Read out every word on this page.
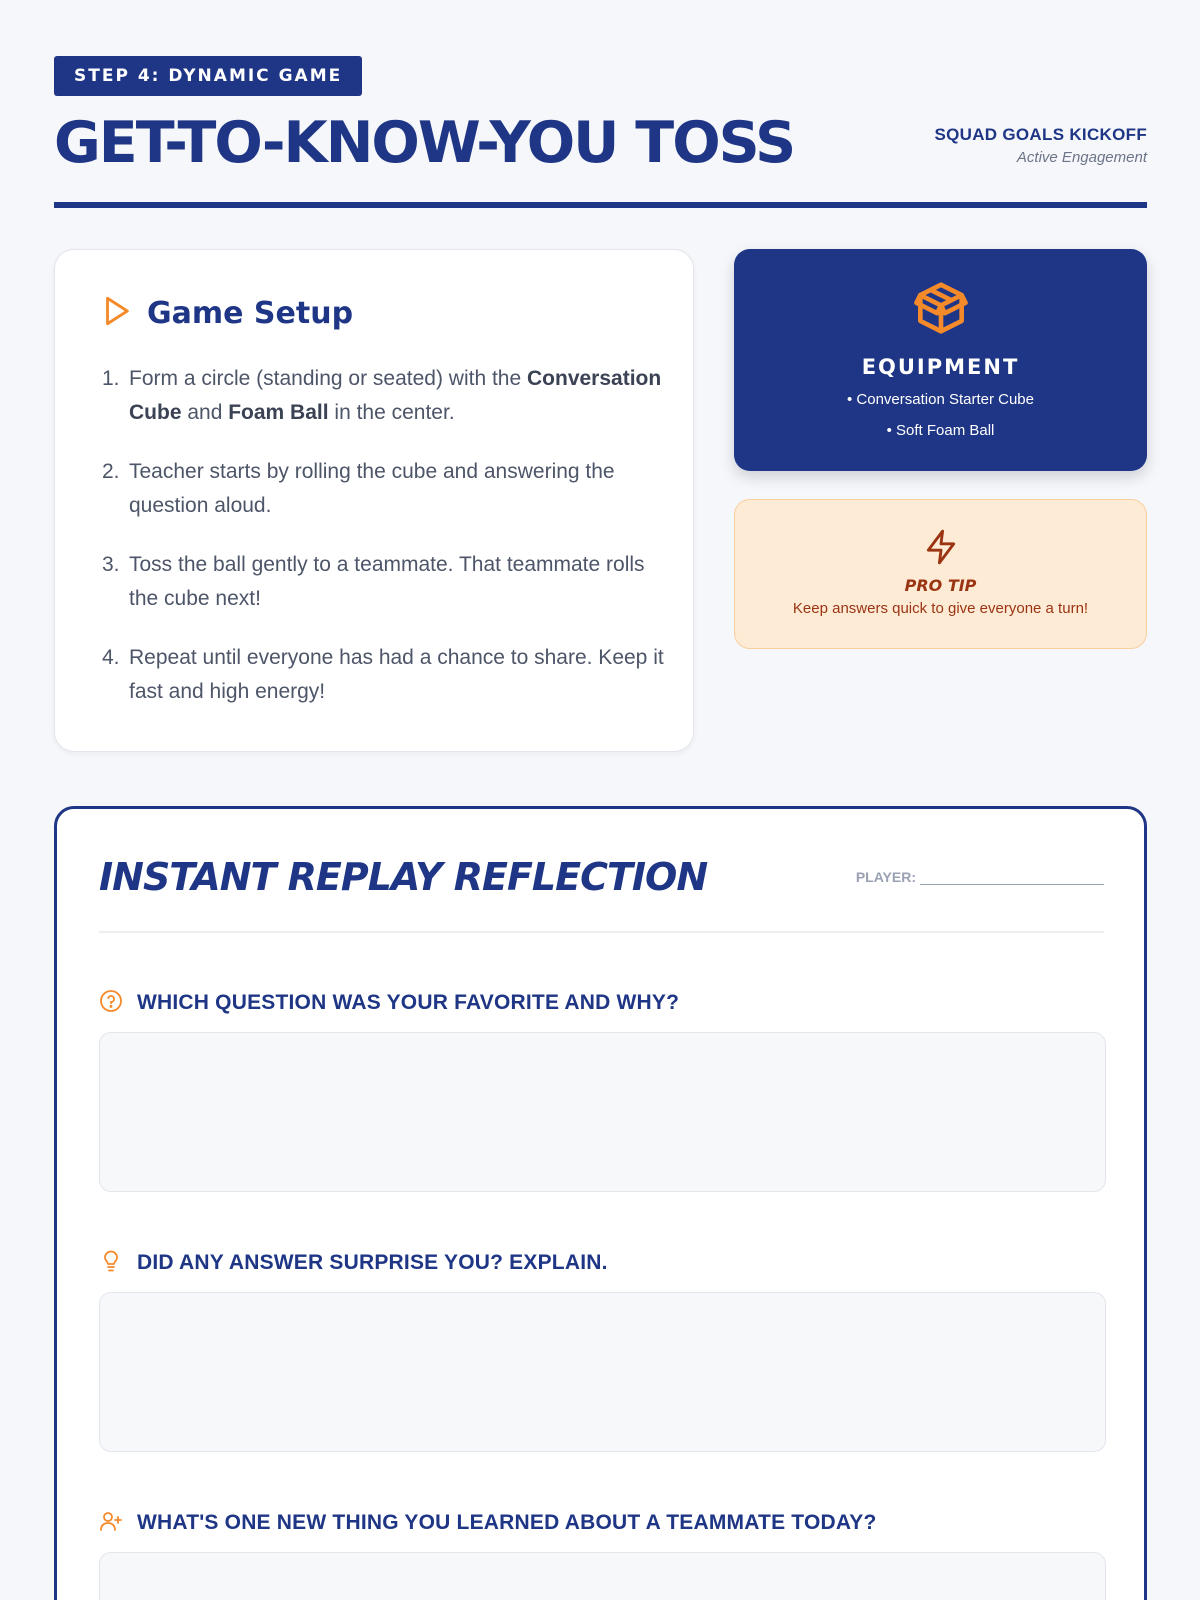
STEP 4: DYNAMIC GAME
GET-TO-KNOW-YOU TOSS	SQUAD GOALS KICKOFF
Active Engagement
Game Setup
1. Form a circle (standing or seated) with the Conversation Cube and Foam Ball in the center.
2. Teacher starts by rolling the cube and answering the question aloud.
3. Toss the ball gently to a teammate. That teammate rolls the cube next!
4. Repeat until everyone has had a chance to share. Keep it fast and high energy!
EQUIPMENT
• Conversation Starter Cube
• Soft Foam Ball
PRO TIP
Keep answers quick to give everyone a turn!
INSTANT REPLAY REFLECTION	PLAYER:
WHICH QUESTION WAS YOUR FAVORITE AND WHY?
DID ANY ANSWER SURPRISE YOU? EXPLAIN.
WHAT'S ONE NEW THING YOU LEARNED ABOUT A TEAMMATE TODAY?
